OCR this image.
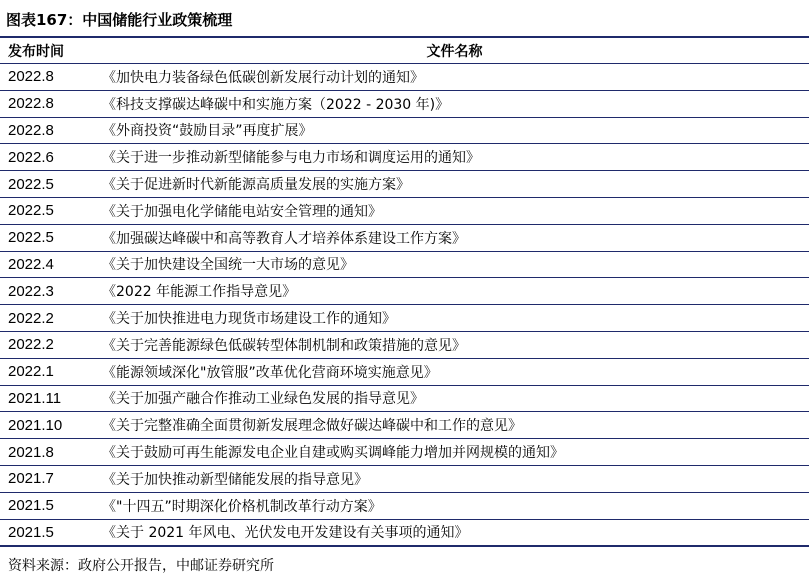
图表167：中国储能行业政策梳理
发布时间	文件名称
2022.8	《加快电力装备绿色低碳创新发展行动计划的通知》
2022.8	《科技支撑碳达峰碳中和实施方案（2022 - 2030 年)》
2022.8	《外商投资“鼓励目录”再度扩展》
2022.6	《关于进一步推动新型储能参与电力市场和调度运用的通知》
2022.5	《关于促进新时代新能源高质量发展的实施方案》
2022.5	《关于加强电化学储能电站安全管理的通知》
2022.5	《加强碳达峰碳中和高等教育人才培养体系建设工作方案》
2022.4	《关于加快建设全国统一大市场的意见》
2022.3	《2022 年能源工作指导意见》
2022.2	《关于加快推进电力现货市场建设工作的通知》
2022.2	《关于完善能源绿色低碳转型体制机制和政策措施的意见》
2022.1	《能源领域深化"放管服”改革优化营商环境实施意见》
2021.11	《关于加强产融合作推动工业绿色发展的指导意见》
2021.10	《关于完整准确全面贯彻新发展理念做好碳达峰碳中和工作的意见》
2021.8	《关于鼓励可再生能源发电企业自建或购买调峰能力增加并网规模的通知》
2021.7	《关于加快推动新型储能发展的指导意见》
2021.5	《"十四五”时期深化价格机制改革行动方案》
2021.5	《关于 2021 年风电、光伏发电开发建设有关事项的通知》
资料来源：政府公开报告，中邮证券研究所
